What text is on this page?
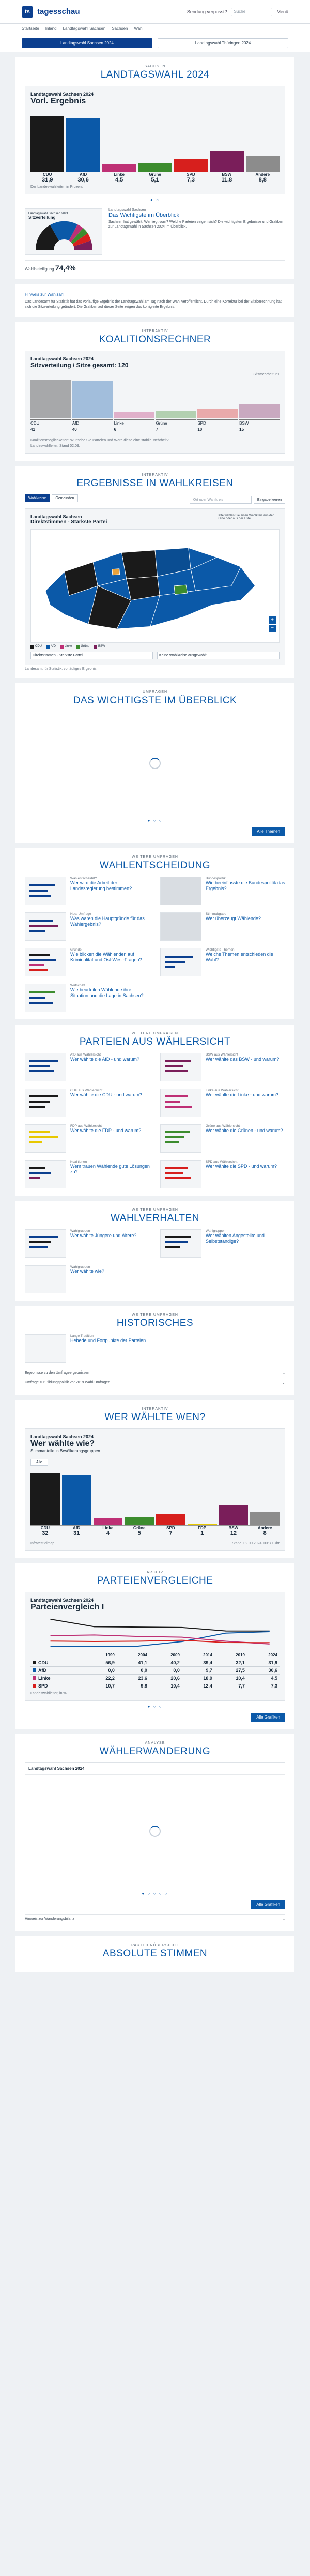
ts tagesschau	Sendung verpasst?	Suche	Menü
Startseite Inland Landtagswahl Sachsen Sachsen Wahl
Landtagswahl Sachsen 2024	Landtagswahl Thüringen 2024
SACHSEN
LANDTAGSWAHL 2024
Landtagswahl Sachsen 2024
Vorl. Ergebnis
CDU	AfD	Linke	Grüne	SPD	BSW	Andere
31,9	30,6	4,5	5,1	7,3	11,8	8,8
Der Landeswahlleiter, in Prozent
● ○
Landtagswahl Sachsen 2024
Sitzverteilung
Landtagswahl Sachsen
Das Wichtigste im Überblick
Sachsen hat gewählt. Wer liegt vorn? Welche Parteien zeigen sich? Die wichtigsten Ergebnisse und Grafiken zur Landtagswahl in Sachsen 2024 im Überblick.
Wahlbeteiligung 74,4%
Hinweis zur Wahlzahl
Das Landesamt für Statistik hat das vorläufige Ergebnis der Landtagswahl am Tag nach der Wahl veröffentlicht. Durch eine Korrektur bei der Sitzberechnung hat sich die Sitzverteilung geändert. Die Grafiken auf dieser Seite zeigen das korrigierte Ergebnis.
INTERAKTIV
KOALITIONSRECHNER
Landtagswahl Sachsen 2024
Sitzverteilung / Sitze gesamt: 120
Sitzmehrheit: 61
CDU
41
AfD
40
Linke
6
Grüne
7
SPD
10
BSW
15
Koalitionsmöglichkeiten: Wunsche Sie Parteien und Wäre diese eine stabile Mehrheit?
Landeswahlleiter, Stand 02.09.
INTERAKTIV
ERGEBNISSE IN WAHLKREISEN
Wahlkreise	Gemeinden	Ort oder Wahlkreis	Eingabe leeren
Landtagswahl Sachsen
Direktstimmen - Stärkste Partei
Bitte wählen Sie einen Wahlkreis aus der Karte oder aus der Liste.
+
−
CDU	AfD	Linke	Grüne	BSW
Direktstimmen - Stärkste Partei	Keine Wahlkreise ausgewählt
Landesamt für Statistik, vorläufiges Ergebnis
UMFRAGEN
DAS WICHTIGSTE IM ÜBERBLICK
● ○ ○
Alle Themen
WEITERE UMFRAGEN
WAHLENTSCHEIDUNG
Was entscheidet?
Wer wird die Arbeit der Landesregierung bestimmen?
Bundespolitik
Wie beeinflusste die Bundespolitik das Ergebnis?
Neu: Umfrage
Was waren die Hauptgründe für das Wahlergebnis?
Stimmabgabe
Wer überzeugt Wählende?
Gründe
Wie blicken die Wählenden auf Kriminalität und Ost-West-Fragen?
Wichtigste Themen
Welche Themen entschieden die Wahl?
Wirtschaft
Wie beurteilen Wählende ihre Situation und die Lage in Sachsen?
WEITERE UMFRAGEN
PARTEIEN AUS WÄHLERSICHT
AfD aus Wählersicht
Wer wählte die AfD - und warum?
BSW aus Wählersicht
Wer wählte das BSW - und warum?
CDU aus Wählersicht
Wer wählte die CDU - und warum?
Linke aus Wählersicht
Wer wählte die Linke - und warum?
FDP aus Wählersicht
Wer wählte die FDP - und warum?
Grüne aus Wählersicht
Wer wählte die Grünen - und warum?
Koalitionen
Wem trauen Wählende gute Lösungen zu?
SPD aus Wählersicht
Wer wählte die SPD - und warum?
WEITERE UMFRAGEN
WAHLVERHALTEN
Wahlgruppen
Wer wählte Jüngere und Ältere?
Wahlgruppen
Wer wählten Angestellte und Selbstständige?
Wahlgruppen
Wer wählte wie?
WEITERE UMFRAGEN
HISTORISCHES
Lange Tradition
Hebede und Fortpunkte der Parteien
Ergebnisse zu den Umfrageergebnissen	⌄
Umfrage zur Bildungspolitik vor 2019 Wahl-Umfragen	⌄
INTERAKTIV
WER WÄHLTE WEN?
Landtagswahl Sachsen 2024
Wer wählte wie?
Stimmanteile in Bevölkerungsgruppen
Alle
CDU	AfD	Linke	Grüne	SPD	FDP	BSW	Andere
32	31	4	5	7	1	12	8
Infratest dimap	Stand: 02.09.2024, 00:30 Uhr
ARCHIV
PARTEIENVERGLEICHE
Landtagswahl Sachsen 2024
Parteienvergleich I
	1999	2004	2009	2014	2019	2024
CDU	56,9	41,1	40,2	39,4	32,1	31,9
AfD	0,0	0,0	0,0	9,7	27,5	30,6
Linke	22,2	23,6	20,6	18,9	10,4	4,5
SPD	10,7	9,8	10,4	12,4	7,7	7,3
Landeswahlleiter, in %
● ○ ○
Alle Grafiken
ANALYSE
WÄHLERWANDERUNG
Landtagswahl Sachsen 2024
● ○ ○ ○ ○
Alle Grafiken
Hinweis zur Wanderungsbilanz	⌄
PARTEIENÜBERSICHT
ABSOLUTE STIMMEN
